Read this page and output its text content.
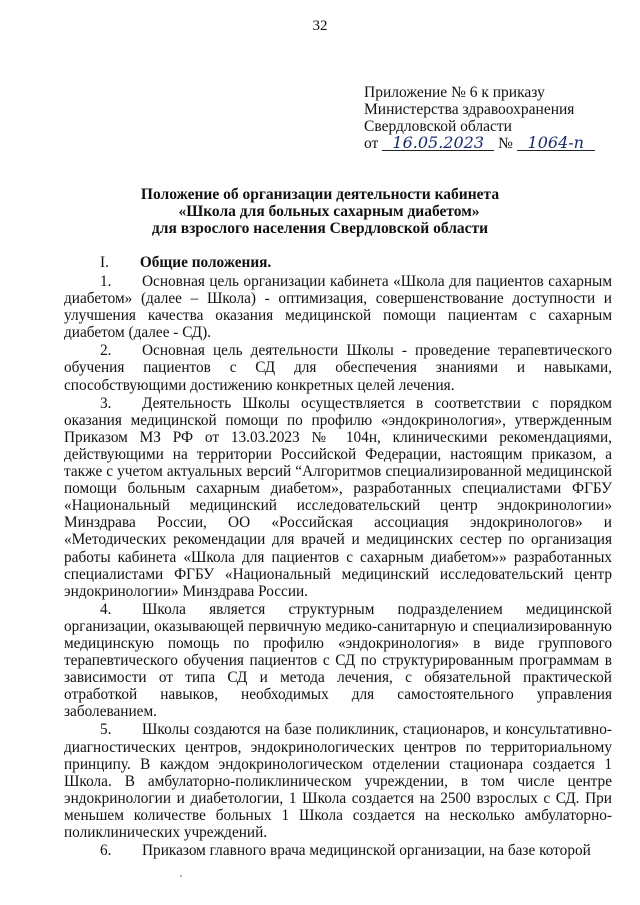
32
Приложение № 6 к приказу
Министерства здравоохранения
Свердловской области
от 16.05.2023 № 1064-п
Положение об организации деятельности кабинета
«Школа для больных сахарным диабетом»
для взрослого населения Свердловской области
I. Общие положения.

1. Основная цель организации кабинета «Школа для пациентов сахарным диабетом» (далее – Школа) - оптимизация, совершенствование доступности и улучшения качества оказания медицинской помощи пациентам с сахарным диабетом (далее - СД).

2. Основная цель деятельности Школы - проведение терапевтического обучения пациентов с СД для обеспечения знаниями и навыками, способствующими достижению конкретных целей лечения.

3. Деятельность Школы осуществляется в соответствии с порядком оказания медицинской помощи по профилю «эндокринология», утвержденным Приказом МЗ РФ от 13.03.2023 № 104н, клиническими рекомендациями, действующими на территории Российской Федерации, настоящим приказом, а также с учетом актуальных версий “Алгоритмов специализированной медицинской помощи больным сахарным диабетом», разработанных специалистами ФГБУ «Национальный медицинский исследовательский центр эндокринологии» Минздрава России, ОО «Российская ассоциация эндокринологов» и «Методических рекомендации для врачей и медицинских сестер по организация работы кабинета «Школа для пациентов с сахарным диабетом»» разработанных специалистами ФГБУ «Национальный медицинский исследовательский центр эндокринологии» Минздрава России.

4. Школа является структурным подразделением медицинской организации, оказывающей первичную медико-санитарную и специализированную медицинскую помощь по профилю «эндокринология» в виде группового терапевтического обучения пациентов с СД по структурированным программам в зависимости от типа СД и метода лечения, с обязательной практической отработкой навыков, необходимых для самостоятельного управления заболеванием.

5. Школы создаются на базе поликлиник, стационаров, и консультативно-диагностических центров, эндокринологических центров по территориальному принципу. В каждом эндокринологическом отделении стационара создается 1 Школа. В амбулаторно-поликлиническом учреждении, в том числе центре эндокринологии и диабетологии, 1 Школа создается на 2500 взрослых с СД. При меньшем количестве больных 1 Школа создается на несколько амбулаторно-поликлинических учреждений.

6. Приказом главного врача медицинской организации, на базе которой
